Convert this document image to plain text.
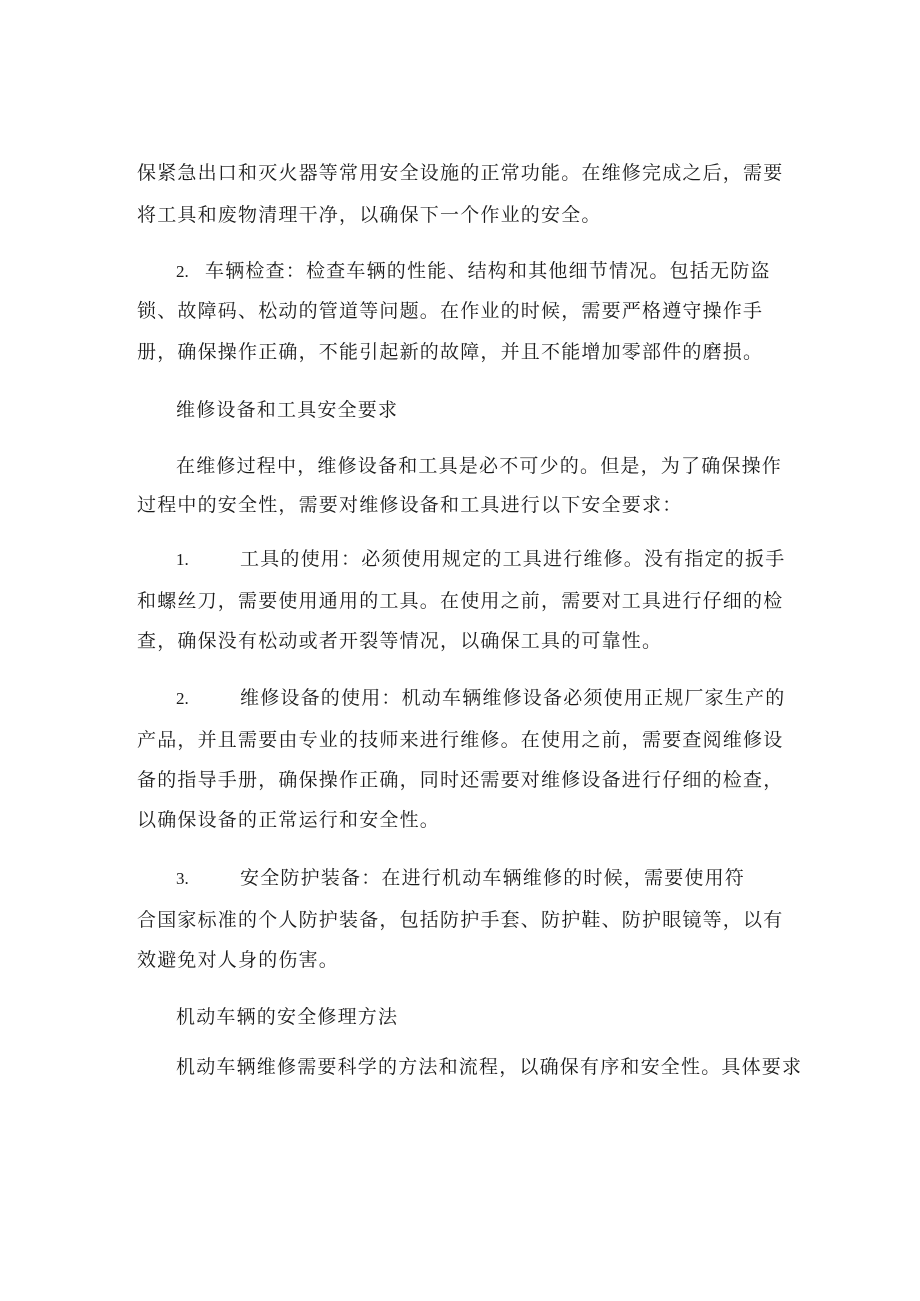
保紧急出口和灭火器等常用安全设施的正常功能。在维修完成之后，需要
将工具和废物清理干净，以确保下一个作业的安全。
2. 车辆检查：检查车辆的性能、结构和其他细节情况。包括无防盗
锁、故障码、松动的管道等问题。在作业的时候，需要严格遵守操作手
册，确保操作正确，不能引起新的故障，并且不能增加零部件的磨损。
维修设备和工具安全要求
在维修过程中，维修设备和工具是必不可少的。但是，为了确保操作
过程中的安全性，需要对维修设备和工具进行以下安全要求：
1.	工具的使用：必须使用规定的工具进行维修。没有指定的扳手
和螺丝刀，需要使用通用的工具。在使用之前，需要对工具进行仔细的检
查，确保没有松动或者开裂等情况，以确保工具的可靠性。
2.	维修设备的使用：机动车辆维修设备必须使用正规厂家生产的
产品，并且需要由专业的技师来进行维修。在使用之前，需要查阅维修设
备的指导手册，确保操作正确，同时还需要对维修设备进行仔细的检查，
以确保设备的正常运行和安全性。
3.	安全防护装备：在进行机动车辆维修的时候，需要使用符
合国家标准的个人防护装备，包括防护手套、防护鞋、防护眼镜等，以有
效避免对人身的伤害。
机动车辆的安全修理方法
机动车辆维修需要科学的方法和流程，以确保有序和安全性。具体要求
